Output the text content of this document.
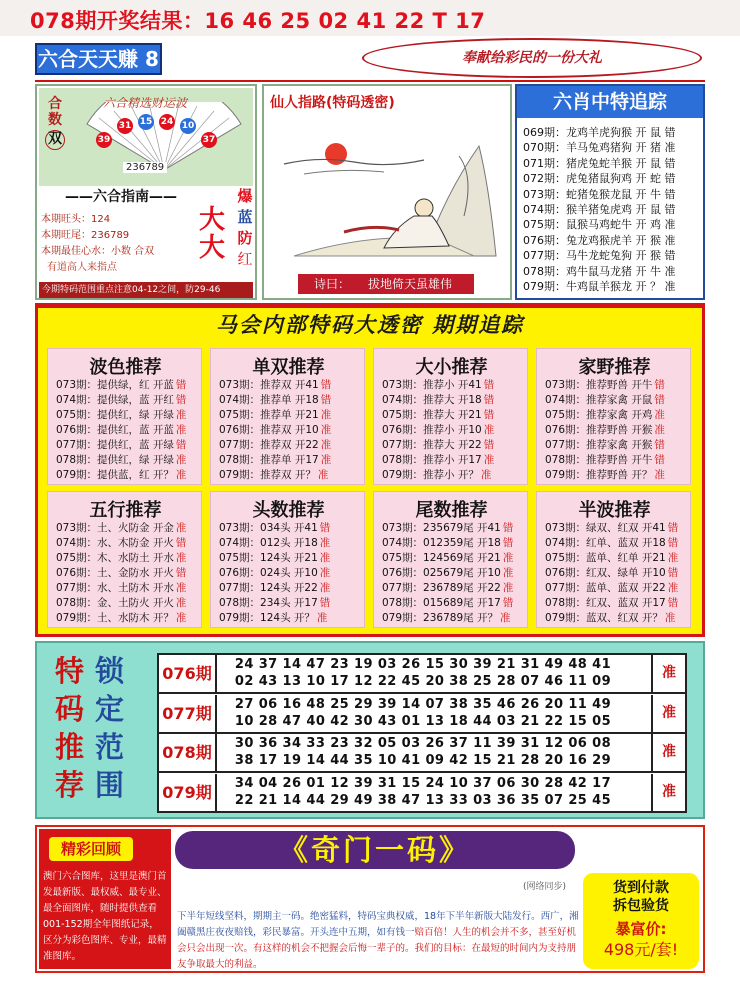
078期开奖结果：16 46 25 02 41 22 T 17
六合天天赚 8	奉献给彩民的一份大礼
合数
双
六合精选财运波
39
31 15 24 10
37
236789
——六合指南——
本期旺头：124
本期旺尾：236789
本期最佳心水：小数 合双
有道高人来指点
大
大
爆
蓝
防
红
今期特码范围重点注意04-12之间，防29-46
仙人指路(特码透密)
诗曰： 拔地倚天虽雄伟
六肖中特追踪
069期：龙鸡羊虎狗猴 开 鼠 错
070期：羊马兔鸡猪狗 开 猪 准
071期：猪虎兔蛇羊猴 开 鼠 错
072期：虎兔猪鼠狗鸡 开 蛇 错
073期：蛇猪兔猴龙鼠 开 牛 错
074期：猴羊猪兔虎鸡 开 鼠 错
075期：鼠猴马鸡蛇牛 开 鸡 准
076期：兔龙鸡猴虎羊 开 猴 准
077期：马牛龙蛇兔狗 开 猴 错
078期：鸡牛鼠马龙猪 开 牛 准
079期：牛鸡鼠羊猴龙 开 ？ 准
马会内部特码大透密 期期追踪
波色推荐
073期：提供绿，红 开蓝 错
074期：提供绿，蓝 开红 错
075期：提供红，绿 开绿 准
076期：提供红，蓝 开蓝 准
077期：提供红，蓝 开绿 错
078期：提供红，绿 开绿 准
079期：提供蓝，红 开？ 准
单双推荐
073期：推荐双 开41 错
074期：推荐单 开18 错
075期：推荐单 开21 准
076期：推荐双 开10 准
077期：推荐双 开22 准
078期：推荐单 开17 准
079期：推荐双 开？ 准
大小推荐
073期：推荐小 开41 错
074期：推荐大 开18 错
075期：推荐大 开21 错
076期：推荐小 开10 准
077期：推荐大 开22 错
078期：推荐小 开17 准
079期：推荐小 开？ 准
家野推荐
073期：推荐野兽 开牛 错
074期：推荐家禽 开鼠 错
075期：推荐家禽 开鸡 准
076期：推荐野兽 开猴 准
077期：推荐家禽 开猴 错
078期：推荐野兽 开牛 错
079期：推荐野兽 开？ 准
五行推荐
073期：土、火防金 开金 准
074期：水、木防金 开火 错
075期：木、水防土 开水 准
076期：土、金防水 开火 错
077期：水、土防木 开水 准
078期：金、土防火 开火 准
079期：土、水防木 开？ 准
头数推荐
073期：034头 开41 错
074期：012头 开18 准
075期：124头 开21 准
076期：024头 开10 准
077期：124头 开22 准
078期：234头 开17 错
079期：124头 开？ 准
尾数推荐
073期：235679尾 开41 错
074期：012359尾 开18 错
075期：124569尾 开21 准
076期：025679尾 开10 准
077期：236789尾 开22 准
078期：015689尾 开17 错
079期：236789尾 开？ 准
半波推荐
073期：绿双、红双 开41 错
074期：红单、蓝双 开18 错
075期：蓝单、红单 开21 准
076期：红双、绿单 开10 错
077期：蓝单、蓝双 开22 准
078期：红双、蓝双 开17 错
079期：蓝双、红双 开？ 准
特 锁
码 定
推 范
荐 围
076期	24 37 14 47 23 19 03 26 15 30 39 21 31 49 48 41
02 43 13 10 17 12 22 45 20 38 25 28 07 46 11 09
准
077期	27 06 16 48 25 29 39 14 07 38 35 46 26 20 11 49
10 28 47 40 42 30 43 01 13 18 44 03 21 22 15 05
准
078期	30 36 34 33 23 32 05 03 26 37 11 39 31 12 06 08
38 17 19 14 44 35 10 41 09 42 15 21 28 20 16 29
准
079期	34 04 26 01 12 39 31 15 24 10 37 06 30 28 42 17
22 21 14 44 29 49 38 47 13 33 03 36 35 07 25 45
准
精彩回顾
澳门六合图库，这里是澳门首发最新版、最权威、最专业、最全面图库，随时提供查看001-152期全年图纸记录，区分为彩色图库、专业，最精准图库。
《奇门一码》
(网络同步)	货到付款
拆包验货
暴富价:
498元/套!
下半年短线坚料，期期主一码。绝密猛料，特码宝典权威，18年下半年新版大陆发行。西广，湘阖赣黑庄夜夜赔钱，彩民暴富。开头连中五期，如有钱一赔百倍！人生的机会并不多，甚至好机会只会出现一次。有这样的机会不把握会后悔一辈子的。我们的目标：在最短的时间内为支持朋友争取最大的利益。
